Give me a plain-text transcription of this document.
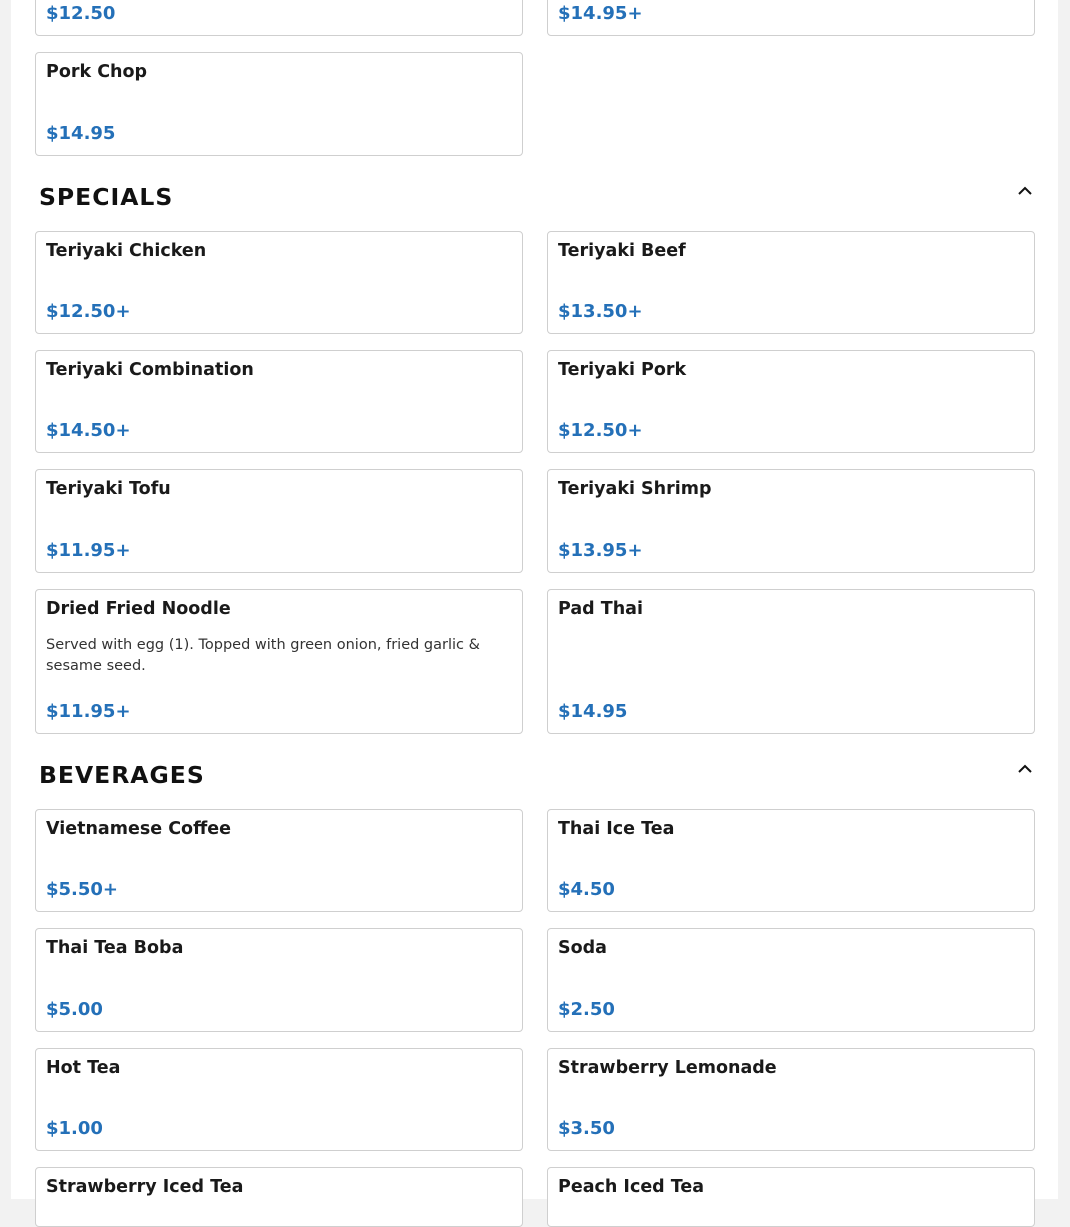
$12.50	$14.95+
Pork Chop
$14.95
SPECIALS
Teriyaki Chicken
$12.50+
Teriyaki Beef
$13.50+
Teriyaki Combination
$14.50+
Teriyaki Pork
$12.50+
Teriyaki Tofu
$11.95+
Teriyaki Shrimp
$13.95+
Dried Fried Noodle
Served with egg (1). Topped with green onion, fried garlic & sesame seed.
$11.95+
Pad Thai
$14.95
BEVERAGES
Vietnamese Coffee
$5.50+
Thai Ice Tea
$4.50
Thai Tea Boba
$5.00
Soda
$2.50
Hot Tea
$1.00
Strawberry Lemonade
$3.50
Strawberry Iced Tea	Peach Iced Tea
